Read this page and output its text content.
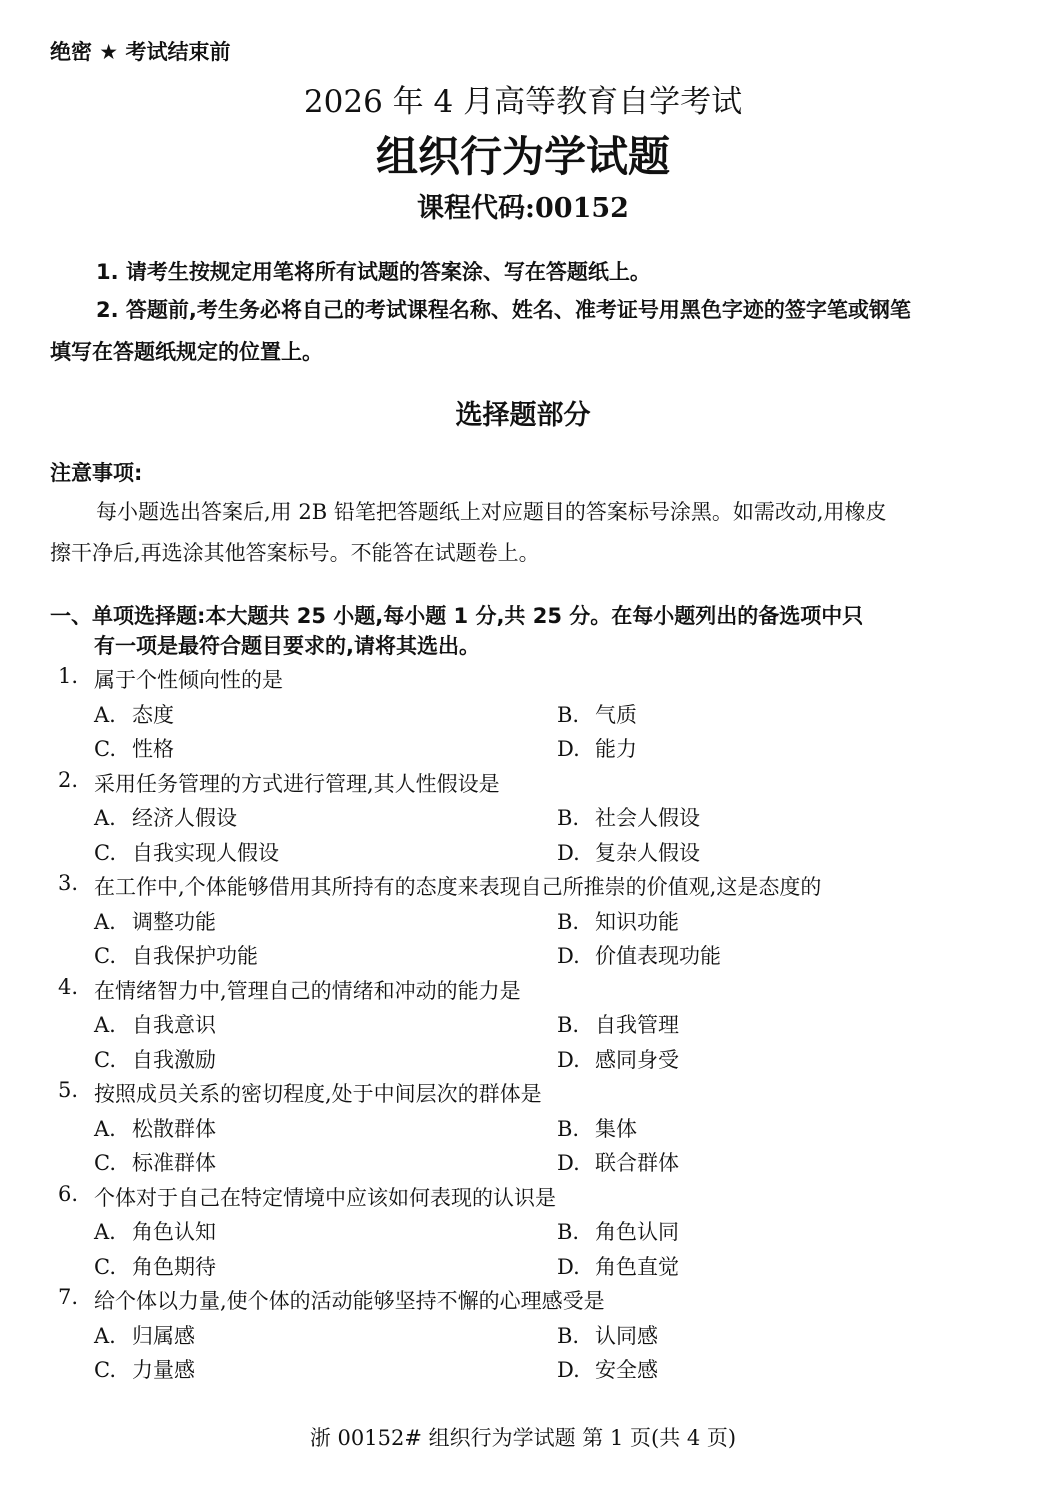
绝密 ★ 考试结束前
2026 年 4 月高等教育自学考试
组织行为学试题
课程代码:00152
1. 请考生按规定用笔将所有试题的答案涂、写在答题纸上。
2. 答题前,考生务必将自己的考试课程名称、姓名、准考证号用黑色字迹的签字笔或钢笔
填写在答题纸规定的位置上。
选择题部分
注意事项:
每小题选出答案后,用 2B 铅笔把答题纸上对应题目的答案标号涂黑。如需改动,用橡皮
擦干净后,再选涂其他答案标号。不能答在试题卷上。
一、单项选择题:本大题共 25 小题,每小题 1 分,共 25 分。在每小题列出的备选项中只
有一项是最符合题目要求的,请将其选出。
1. 属于个性倾向性的是
A. 态度	B. 气质
C. 性格	D. 能力
2. 采用任务管理的方式进行管理,其人性假设是
A. 经济人假设	B. 社会人假设
C. 自我实现人假设	D. 复杂人假设
3. 在工作中,个体能够借用其所持有的态度来表现自己所推崇的价值观,这是态度的
A. 调整功能	B. 知识功能
C. 自我保护功能	D. 价值表现功能
4. 在情绪智力中,管理自己的情绪和冲动的能力是
A. 自我意识	B. 自我管理
C. 自我激励	D. 感同身受
5. 按照成员关系的密切程度,处于中间层次的群体是
A. 松散群体	B. 集体
C. 标准群体	D. 联合群体
6. 个体对于自己在特定情境中应该如何表现的认识是
A. 角色认知	B. 角色认同
C. 角色期待	D. 角色直觉
7. 给个体以力量,使个体的活动能够坚持不懈的心理感受是
A. 归属感	B. 认同感
C. 力量感	D. 安全感
浙 00152# 组织行为学试题 第 1 页(共 4 页)
